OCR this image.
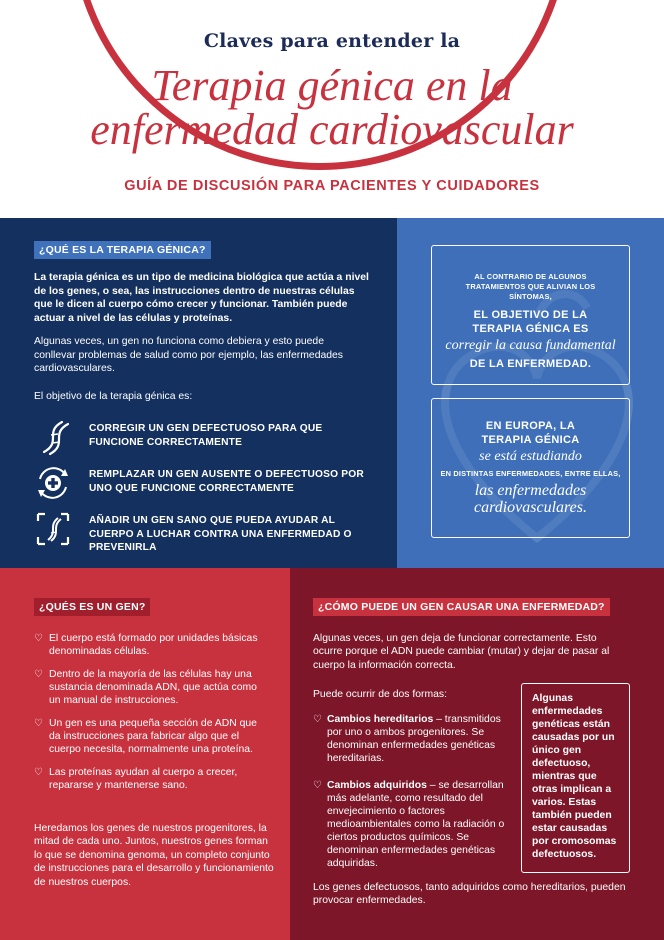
Claves para entender la
Terapia génica en la
enfermedad cardiovascular
GUÍA DE DISCUSIÓN PARA PACIENTES Y CUIDADORES
¿QUÉ ES LA TERAPIA GÉNICA?
La terapia génica es un tipo de medicina biológica que actúa a nivel de los genes, o sea, las instrucciones dentro de nuestras células que le dicen al cuerpo cómo crecer y funcionar. También puede actuar a nivel de las células y proteínas.
Algunas veces, un gen no funciona como debiera y esto puede conllevar problemas de salud como por ejemplo, las enfermedades cardiovasculares.
El objetivo de la terapia génica es:
CORREGIR UN GEN DEFECTUOSO PARA QUE FUNCIONE CORRECTAMENTE
REMPLAZAR UN GEN AUSENTE O DEFECTUOSO POR UNO QUE FUNCIONE CORRECTAMENTE
AÑADIR UN GEN SANO QUE PUEDA AYUDAR AL CUERPO A LUCHAR CONTRA UNA ENFERMEDAD O PREVENIRLA
AL CONTRARIO DE ALGUNOS TRATAMIENTOS QUE ALIVIAN LOS SÍNTOMAS,
EL OBJETIVO DE LA TERAPIA GÉNICA ES
corregir la causa fundamental
DE LA ENFERMEDAD.
EN EUROPA, LA TERAPIA GÉNICA
se está estudiando
EN DISTINTAS ENFERMEDADES, ENTRE ELLAS,
las enfermedades cardiovasculares.
¿QUÉS ES UN GEN?
♡ El cuerpo está formado por unidades básicas denominadas células.
♡ Dentro de la mayoría de las células hay una sustancia denominada ADN, que actúa como un manual de instrucciones.
♡ Un gen es una pequeña sección de ADN que da instrucciones para fabricar algo que el cuerpo necesita, normalmente una proteína.
♡ Las proteínas ayudan al cuerpo a crecer, repararse y mantenerse sano.
Heredamos los genes de nuestros progenitores, la mitad de cada uno. Juntos, nuestros genes forman lo que se denomina genoma, un completo conjunto de instrucciones para el desarrollo y funcionamiento de nuestros cuerpos.
¿CÓMO PUEDE UN GEN CAUSAR UNA ENFERMEDAD?
Algunas veces, un gen deja de funcionar correctamente. Esto ocurre porque el ADN puede cambiar (mutar) y dejar de pasar al cuerpo la información correcta.
Puede ocurrir de dos formas:
♡ Cambios hereditarios – transmitidos por uno o ambos progenitores. Se denominan enfermedades genéticas hereditarias.
♡ Cambios adquiridos – se desarrollan más adelante, como resultado del envejecimiento o factores medioambientales como la radiación o ciertos productos químicos. Se denominan enfermedades genéticas adquiridas.
Algunas enfermedades genéticas están causadas por un único gen defectuoso, mientras que otras implican a varios. Estas también pueden estar causadas por cromosomas defectuosos.
Los genes defectuosos, tanto adquiridos como hereditarios, pueden provocar enfermedades.
